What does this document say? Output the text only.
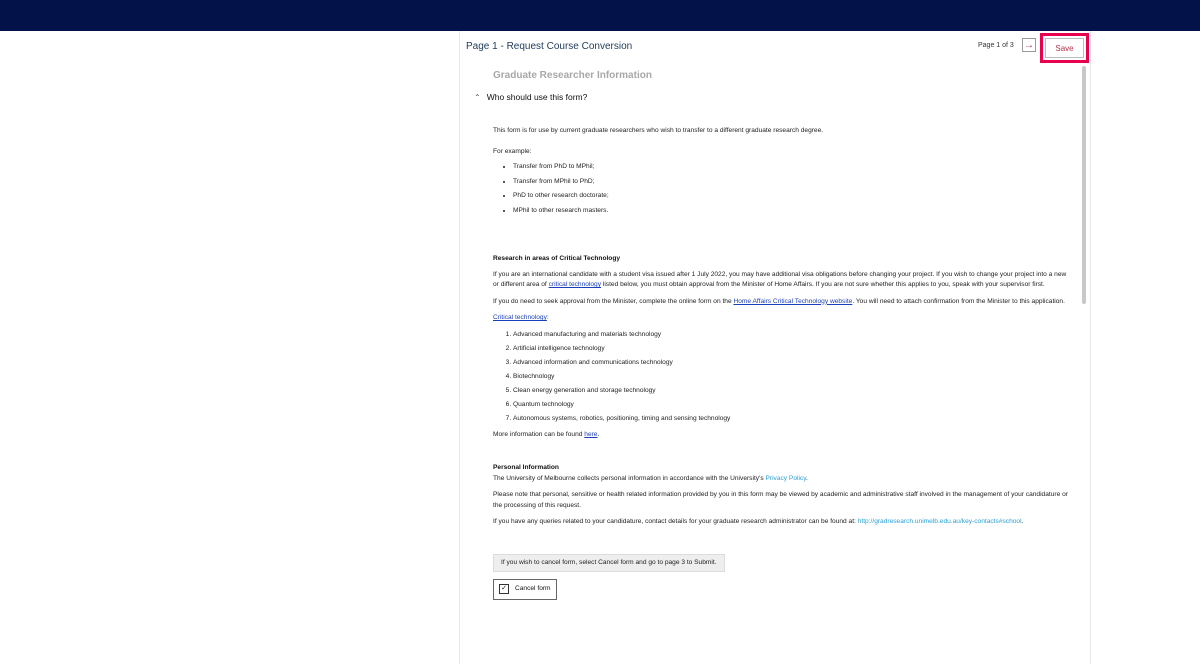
Page 1 - Request Course Conversion	Page 1 of 3 →	Save
Graduate Researcher Information
⌃ Who should use this form?

This form is for use by current graduate researchers who wish to transfer to a different graduate research degree.

For example:

• Transfer from PhD to MPhil;
• Transfer from MPhil to PhD;
• PhD to other research doctorate;
• MPhil to other research masters.

Research in areas of Critical Technology

If you are an international candidate with a student visa issued after 1 July 2022, you may have additional visa obligations before changing your project. If you wish to change your project into a new or different area of critical technology listed below, you must obtain approval from the Minister of Home Affairs. If you are not sure whether this applies to you, speak with your supervisor first.

If you do need to seek approval from the Minister, complete the online form on the Home Affairs Critical Technology website. You will need to attach confirmation from the Minister to this application.

Critical technology:

1. Advanced manufacturing and materials technology
2. Artificial intelligence technology
3. Advanced information and communications technology
4. Biotechnology
5. Clean energy generation and storage technology
6. Quantum technology
7. Autonomous systems, robotics, positioning, timing and sensing technology

More information can be found here.

Personal Information

The University of Melbourne collects personal information in accordance with the University's Privacy Policy.

Please note that personal, sensitive or health related information provided by you in this form may be viewed by academic and administrative staff involved in the management of your candidature or the processing of this request.

If you have any queries related to your candidature, contact details for your graduate research administrator can be found at: http://gradresearch.unimelb.edu.au/key-contacts#school.

If you wish to cancel form, select Cancel form and go to page 3 to Submit.
✓	Cancel form
